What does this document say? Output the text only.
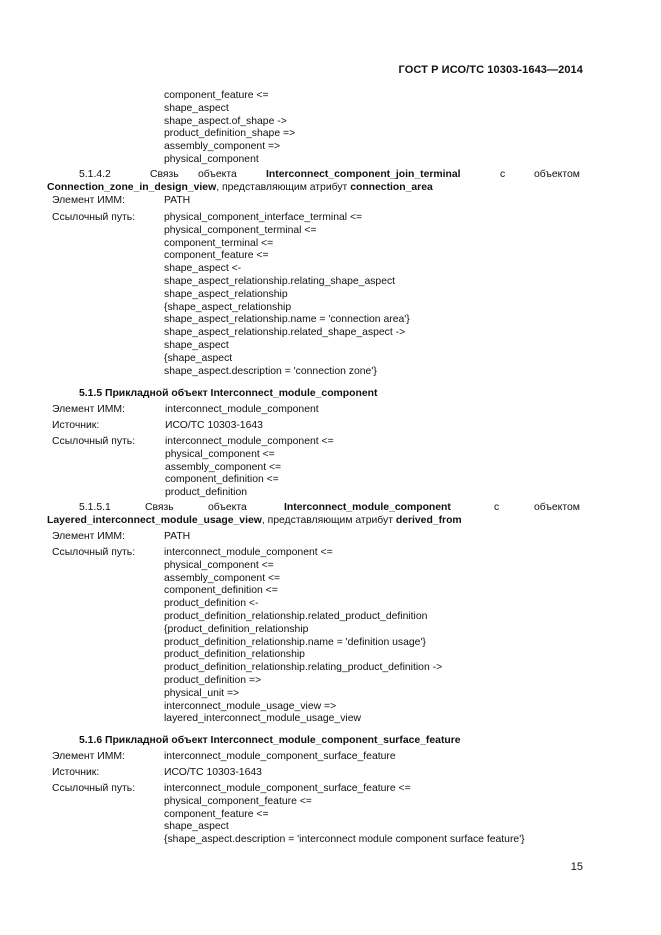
ГОСТ Р ИСО/ТС 10303-1643—2014
component_feature <=
shape_aspect
shape_aspect.of_shape ->
product_definition_shape =>
assembly_component =>
physical_component
5.1.4.2	Связь объекта	Interconnect_component_join_terminal	с	объектом
Connection_zone_in_design_view, представляющим атрибут connection_area
Элемент ИММ:	PATH
Ссылочный путь:	physical_component_interface_terminal <=
physical_component_terminal <=
component_terminal <=
component_feature <=
shape_aspect <-
shape_aspect_relationship.relating_shape_aspect
shape_aspect_relationship
{shape_aspect_relationship
shape_aspect_relationship.name = 'connection area'}
shape_aspect_relationship.related_shape_aspect ->
shape_aspect
{shape_aspect
shape_aspect.description = 'connection zone'}
5.1.5 Прикладной объект Interconnect_module_component
Элемент ИММ:	interconnect_module_component
Источник:	ИСО/ТС 10303-1643
Ссылочный путь:	interconnect_module_component <=
physical_component <=
assembly_component <=
component_definition <=
product_definition
5.1.5.1	Связь	объекта	Interconnect_module_component	с	объектом
Layered_interconnect_module_usage_view, представляющим атрибут derived_from
Элемент ИММ:	PATH
Ссылочный путь:	interconnect_module_component <=
physical_component <=
assembly_component <=
component_definition <=
product_definition <-
product_definition_relationship.related_product_definition
{product_definition_relationship
product_definition_relationship.name = 'definition usage'}
product_definition_relationship
product_definition_relationship.relating_product_definition ->
product_definition =>
physical_unit =>
interconnect_module_usage_view =>
layered_interconnect_module_usage_view
5.1.6 Прикладной объект Interconnect_module_component_surface_feature
Элемент ИММ:	interconnect_module_component_surface_feature
Источник:	ИСО/ТС 10303-1643
Ссылочный путь:	interconnect_module_component_surface_feature <=
physical_component_feature <=
component_feature <=
shape_aspect
{shape_aspect.description = 'interconnect module component surface feature'}
15
